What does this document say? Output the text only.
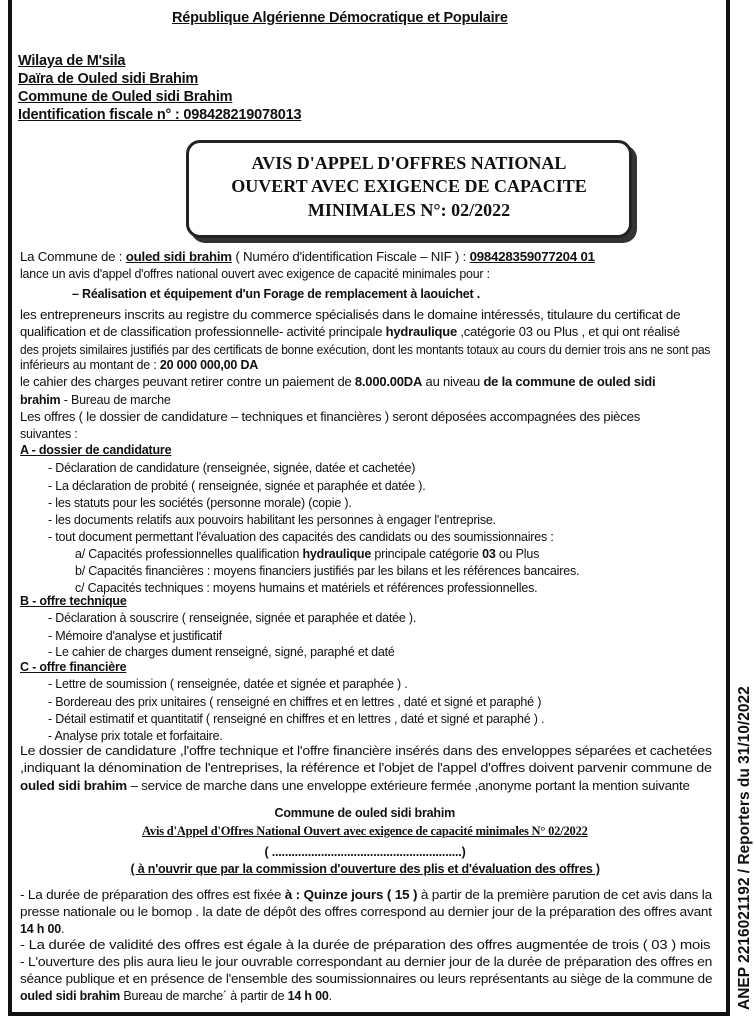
République Algérienne Démocratique et Populaire
Wilaya de M'sila
Daïra de Ouled sidi Brahim
Commune de Ouled sidi Brahim
Identification fiscale n° : 098428219078013
AVIS D'APPEL D'OFFRES NATIONAL
OUVERT AVEC EXIGENCE DE CAPACITE
MINIMALES N°: 02/2022
La Commune de : ouled sidi brahim ( Numéro d'identification Fiscale – NIF ) : 098428359077204 01
lance un avis d'appel d'offres national ouvert avec exigence de capacité minimales pour :
– Réalisation et équipement d'un Forage de remplacement à laouichet .
les entrepreneurs inscrits au registre du commerce spécialisés dans le domaine intéressés, titulaure du certificat de
qualification et de classification professionnelle- activité principale hydraulique ,catégorie 03 ou Plus , et qui ont réalisé
des projets similaires justifiés par des certificats de bonne exécution, dont les montants totaux au cours du dernier trois ans ne sont pas
inférieurs au montant de : 20 000 000,00 DA
le cahier des charges peuvant retirer contre un paiement de 8.000.00DA au niveau de la commune de ouled sidi
brahim - Bureau de marche
Les offres ( le dossier de candidature – techniques et financières ) seront déposées accompagnées des pièces
suivantes :
A - dossier de candidature
- Déclaration de candidature (renseignée, signée, datée et cachetée)
- La déclaration de probité ( renseignée, signée et paraphée et datée ).
- les statuts pour les sociétés (personne morale) (copie ).
- les documents relatifs aux pouvoirs habilitant les personnes à engager l'entreprise.
- tout document permettant l'évaluation des capacités des candidats ou des soumissionnaires :
a/ Capacités professionnelles qualification hydraulique principale catégorie 03 ou Plus
b/ Capacités financières : moyens financiers justifiés par les bilans et les références bancaires.
c/ Capacités techniques : moyens humains et matériels et références professionnelles.
B - offre technique
- Déclaration à souscrire ( renseignée, signée et paraphée et datée ).
- Mémoire d'analyse et justificatif
- Le cahier de charges dument renseigné, signé, paraphé et daté
C - offre financière
- Lettre de soumission ( renseignée, datée et signée et paraphée ) .
- Bordereau des prix unitaires ( renseigné en chiffres et en lettres , daté et signé et paraphé )
- Détail estimatif et quantitatif ( renseigné en chiffres et en lettres , daté et signé et paraphé ) .
- Analyse prix totale et forfaitaire.
Le dossier de candidature ,l'offre technique et l'offre financière insérés dans des enveloppes séparées et cachetées
,indiquant la dénomination de l'entreprises, la référence et l'objet de l'appel d'offres doivent parvenir commune de
ouled sidi brahim – service de marche dans une enveloppe extérieure fermée ,anonyme portant la mention suivante
Commune de ouled sidi brahim
Avis d'Appel d'Offres National Ouvert avec exigence de capacité minimales N° 02/2022
( ..........................................................)
( à n'ouvrir que par la commission d'ouverture des plis et d'évaluation des offres )
- La durée de préparation des offres est fixée à : Quinze jours ( 15 ) à partir de la première parution de cet avis dans la
presse nationale ou le bomop . la date de dépôt des offres correspond au dernier jour de la préparation des offres avant
14 h 00.
- La durée de validité des offres est égale à la durée de préparation des offres augmentée de trois ( 03 ) mois
- L'ouverture des plis aura lieu le jour ouvrable correspondant au dernier jour de la durée de préparation des offres en
séance publique et en présence de l'ensemble des soumissionnaires ou leurs représentants au siège de la commune de
ouled sidi brahim Bureau de marche´ à partir de 14 h 00.	ANEP 2216021192 / Reporters du 31/10/2022
